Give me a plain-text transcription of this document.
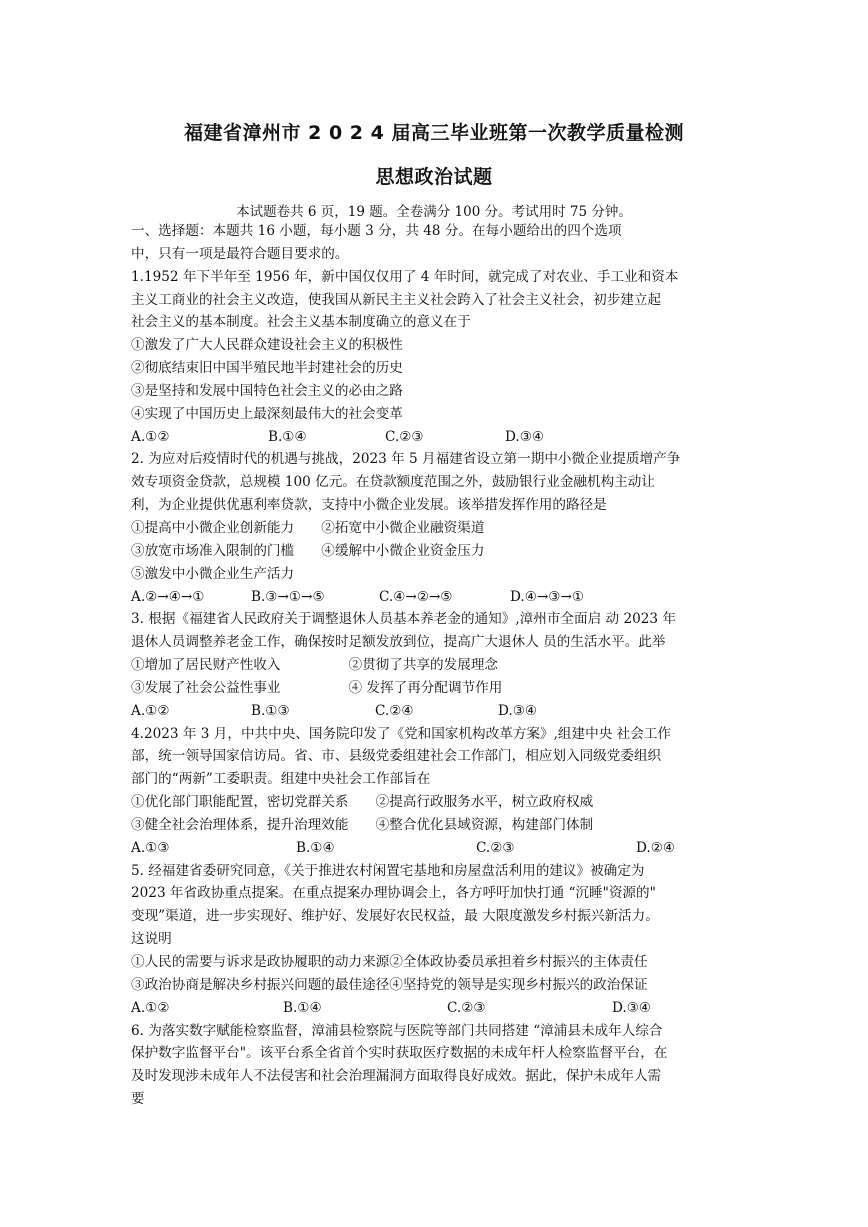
福建省漳州市 2 0 2 4 届高三毕业班第一次教学质量检测
思想政治试题
本试题卷共 6 页，19 题。全卷满分 100 分。考试用时 75 分钟。
一、选择题：本题共 16 小题，每小题 3 分，共 48 分。在每小题给出的四个选项
中，只有一项是最符合题目要求的。
1.1952 年下半年至 1956 年，新中国仅仅用了 4 年时间，就完成了对农业、手工业和资本
主义工商业的社会主义改造，使我国从新民主主义社会跨入了社会主义社会，初步建立起
社会主义的基本制度。社会主义基本制度确立的意义在于
①激发了广大人民群众建设社会主义的积极性
②彻底结束旧中国半殖民地半封建社会的历史
③是坚持和发展中国特色社会主义的必由之路
④实现了中国历史上最深刻最伟大的社会变革
A.①②	B.①④	C.②③	D.③④
2. 为应对后疫情时代的机遇与挑战，2023 年 5 月福建省设立第一期中小微企业提质增产争
效专项资金贷款，总规模 100 亿元。在贷款额度范围之外，鼓励银行业金融机构主动让
利，为企业提供优惠利率贷款，支持中小微企业发展。该举措发挥作用的路径是
①提高中小微企业创新能力　　②拓宽中小微企业融资渠道
③放宽市场准入限制的门槛　　④缓解中小微企业资金压力
⑤激发中小微企业生产活力
A.②→④→①	B.③→①→⑤	C.④→②→⑤	D.④→③→①
3. 根据《福建省人民政府关于调整退休人员基本养老金的通知》,漳州市全面启 动 2023 年
退休人员调整养老金工作，确保按时足额发放到位，提高广大退休人 员的生活水平。此举
①增加了居民财产性收入　　　　　②贯彻了共享的发展理念
③发展了社会公益性事业　　　　　④ 发挥了再分配调节作用
A.①②	B.①③	C.②④	D.③④
4.2023 年 3 月，中共中央、国务院印发了《党和国家机构改革方案》,组建中央 社会工作
部，统一领导国家信访局。省、市、县级党委组建社会工作部门，相应划入同级党委组织
部门的“两新”工委职责。组建中央社会工作部旨在
①优化部门职能配置，密切党群关系　　②提高行政服务水平，树立政府权威
③健全社会治理体系，提升治理效能　　④整合优化县域资源，构建部门体制
A.①③	B.①④	C.②③	D.②④
5. 经福建省委研究同意，《关于推进农村闲置宅基地和房屋盘活利用的建议》被确定为
2023 年省政协重点提案。在重点提案办理协调会上，各方呼吁加快打通 “沉睡"资源的"
变现”渠道，进一步实现好、维护好、发展好农民权益，最 大限度激发乡村振兴新活力。
这说明
①人民的需要与诉求是政协履职的动力来源②全体政协委员承担着乡村振兴的主体责任
③政治协商是解决乡村振兴问题的最佳途径④坚持党的领导是实现乡村振兴的政治保证
A.①②	B.①④	C.②③	D.③④
6. 为落实数字赋能检察监督，漳浦县检察院与医院等部门共同搭建 “漳浦县未成年人综合
保护数字监督平台"。该平台系全省首个实时获取医疗数据的未成年杆人检察监督平台，在
及时发现涉未成年人不法侵害和社会治理漏洞方面取得良好成效。据此，保护未成年人需
要
